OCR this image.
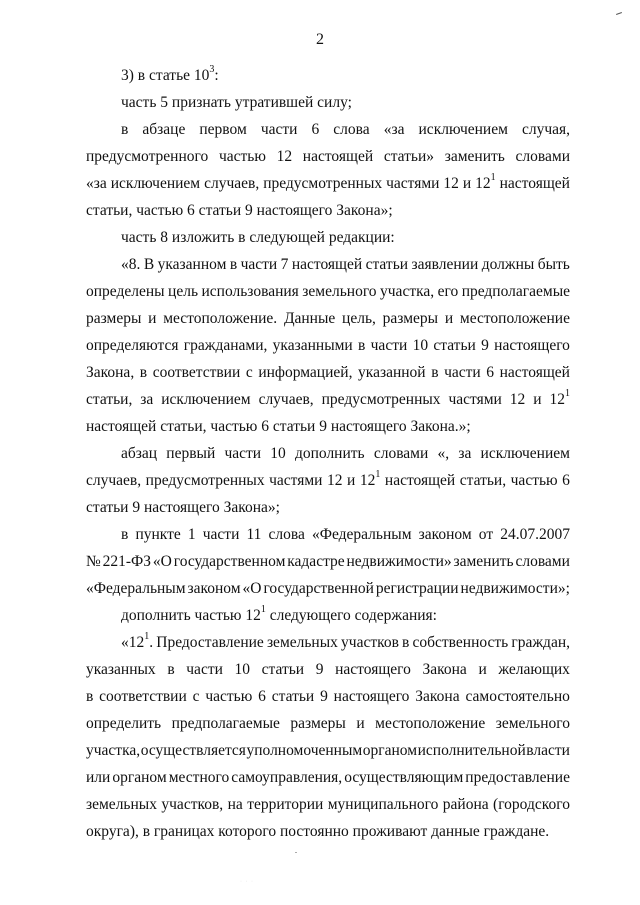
2
3) в статье $10^3$:
часть 5 признать утратившей силу;
в абзаце первом части 6 слова «за исключением случая,
предусмотренного частью 12 настоящей статьи» заменить словами
«за исключением случаев, предусмотренных частями 12 и $12^1$ настоящей
статьи, частью 6 статьи 9 настоящего Закона»;
часть 8 изложить в следующей редакции:
«8. В указанном в части 7 настоящей статьи заявлении должны быть
определены цель использования земельного участка, его предполагаемые
размеры и местоположение. Данные цель, размеры и местоположение
определяются гражданами, указанными в части 10 статьи 9 настоящего
Закона, в соответствии с информацией, указанной в части 6 настоящей
статьи, за исключением случаев, предусмотренных частями 12 и $12^1$
настоящей статьи, частью 6 статьи 9 настоящего Закона.»;
абзац первый части 10 дополнить словами «, за исключением
случаев, предусмотренных частями 12 и $12^1$ настоящей статьи, частью 6
статьи 9 настоящего Закона»;
в пункте 1 части 11 слова «Федеральным законом от 24.07.2007
№ 221-ФЗ «О государственном кадастре недвижимости» заменить словами
«Федеральным законом «О государственной регистрации недвижимости»;
дополнить частью $12^1$ следующего содержания:
«$12^1$. Предоставление земельных участков в собственность граждан,
указанных в части 10 статьи 9 настоящего Закона и желающих
в соответствии с частью 6 статьи 9 настоящего Закона самостоятельно
определить предполагаемые размеры и местоположение земельного
участка, осуществляется уполномоченным органом исполнительной власти
или органом местного самоуправления, осуществляющим предоставление
земельных участков, на территории муниципального района (городского
округа), в границах которого постоянно проживают данные граждане.
· · ·
